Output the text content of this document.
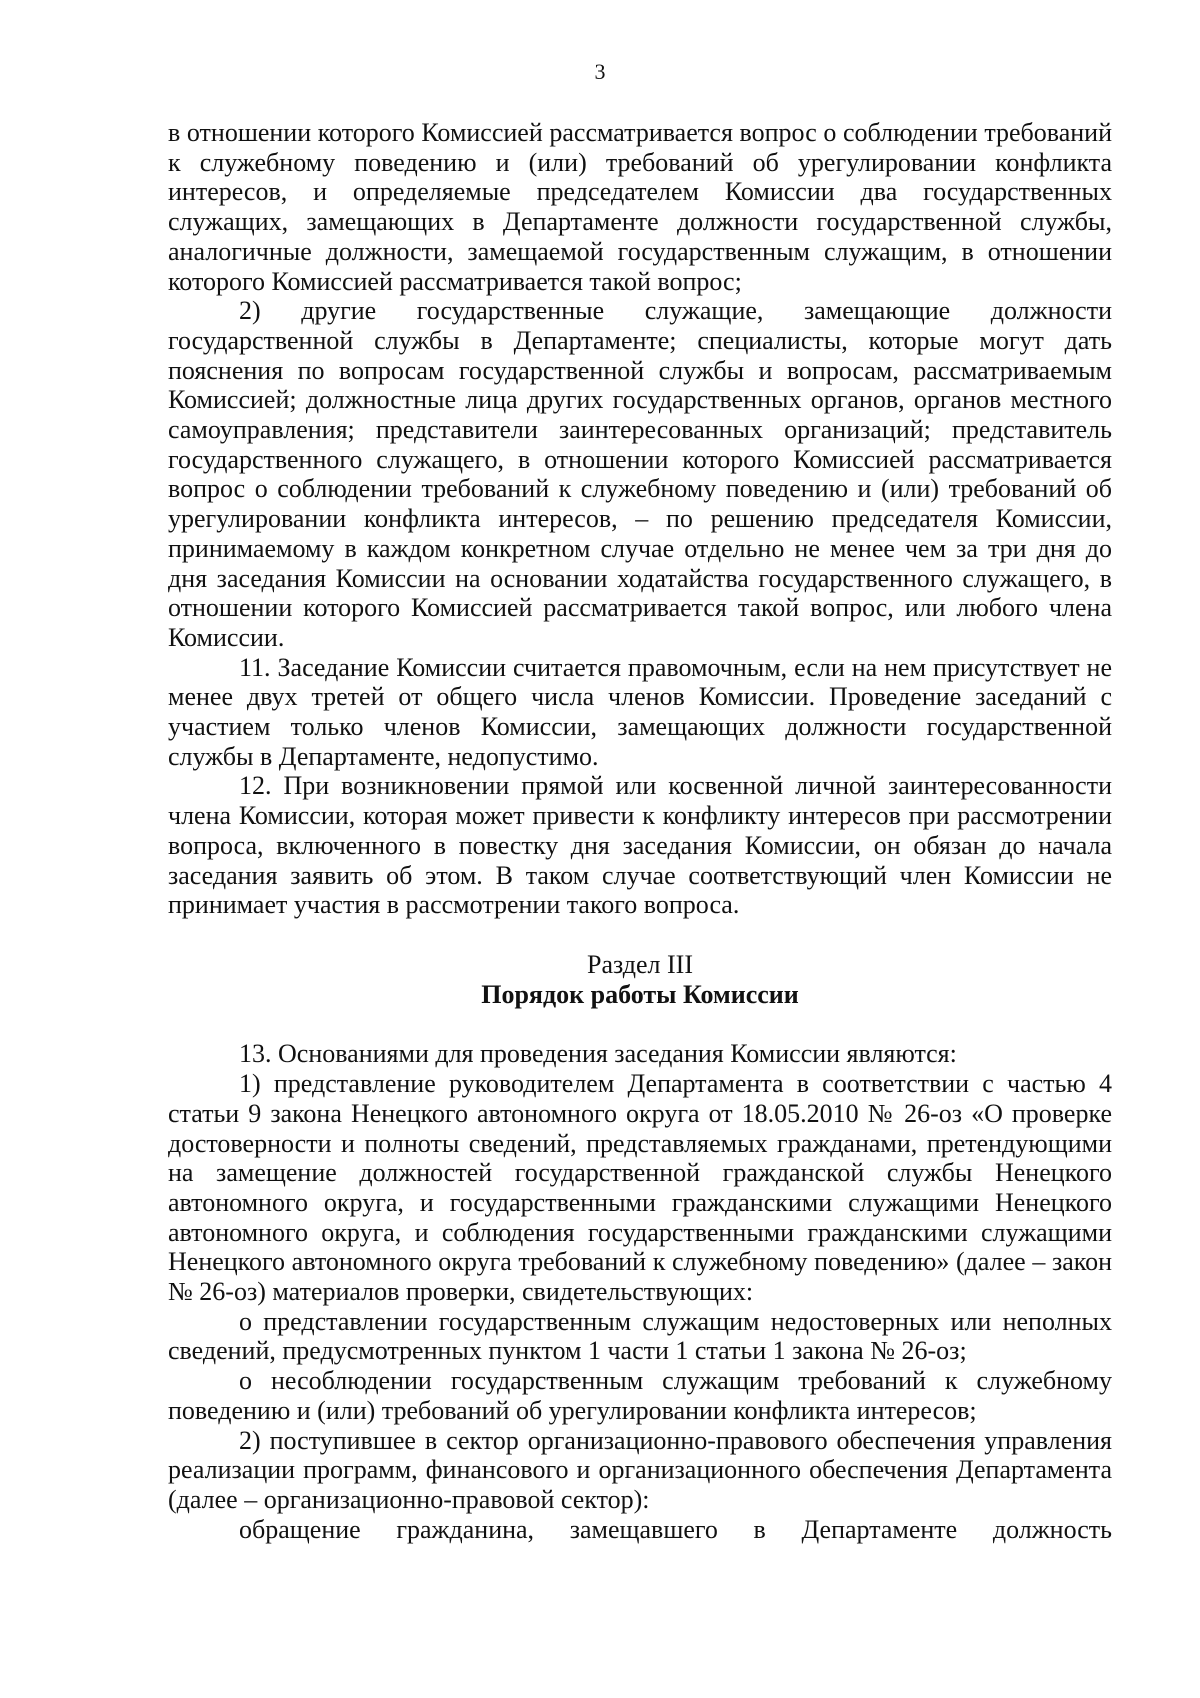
3

в отношении которого Комиссией рассматривается вопрос о соблюдении требований к служебному поведению и (или) требований об урегулировании конфликта интересов, и определяемые председателем Комиссии два государственных служащих, замещающих в Департаменте должности государственной службы, аналогичные должности, замещаемой государственным служащим, в отношении которого Комиссией рассматривается такой вопрос;

2) другие государственные служащие, замещающие должности государственной службы в Департаменте; специалисты, которые могут дать пояснения по вопросам государственной службы и вопросам, рассматриваемым Комиссией; должностные лица других государственных органов, органов местного самоуправления; представители заинтересованных организаций; представитель государственного служащего, в отношении которого Комиссией рассматривается вопрос о соблюдении требований к служебному поведению и (или) требований об урегулировании конфликта интересов, – по решению председателя Комиссии, принимаемому в каждом конкретном случае отдельно не менее чем за три дня до дня заседания Комиссии на основании ходатайства государственного служащего, в отношении которого Комиссией рассматривается такой вопрос, или любого члена Комиссии.

11. Заседание Комиссии считается правомочным, если на нем присутствует не менее двух третей от общего числа членов Комиссии. Проведение заседаний с участием только членов Комиссии, замещающих должности государственной службы в Департаменте, недопустимо.

12. При возникновении прямой или косвенной личной заинтересованности члена Комиссии, которая может привести к конфликту интересов при рассмотрении вопроса, включенного в повестку дня заседания Комиссии, он обязан до начала заседания заявить об этом. В таком случае соответствующий член Комиссии не принимает участия в рассмотрении такого вопроса.

Раздел III

Порядок работы Комиссии

13. Основаниями для проведения заседания Комиссии являются:

1) представление руководителем Департамента в соответствии с частью 4 статьи 9 закона Ненецкого автономного округа от 18.05.2010 № 26-оз «О проверке достоверности и полноты сведений, представляемых гражданами, претендующими на замещение должностей государственной гражданской службы Ненецкого автономного округа, и государственными гражданскими служащими Ненецкого автономного округа, и соблюдения государственными гражданскими служащими Ненецкого автономного округа требований к служебному поведению» (далее – закон № 26-оз) материалов проверки, свидетельствующих:

о представлении государственным служащим недостоверных или неполных сведений, предусмотренных пунктом 1 части 1 статьи 1 закона № 26-оз;

о несоблюдении государственным служащим требований к служебному поведению и (или) требований об урегулировании конфликта интересов;

2) поступившее в сектор организационно-правового обеспечения управления реализации программ, финансового и организационного обеспечения Департамента (далее – организационно-правовой сектор):

обращение гражданина, замещавшего в Департаменте должность
